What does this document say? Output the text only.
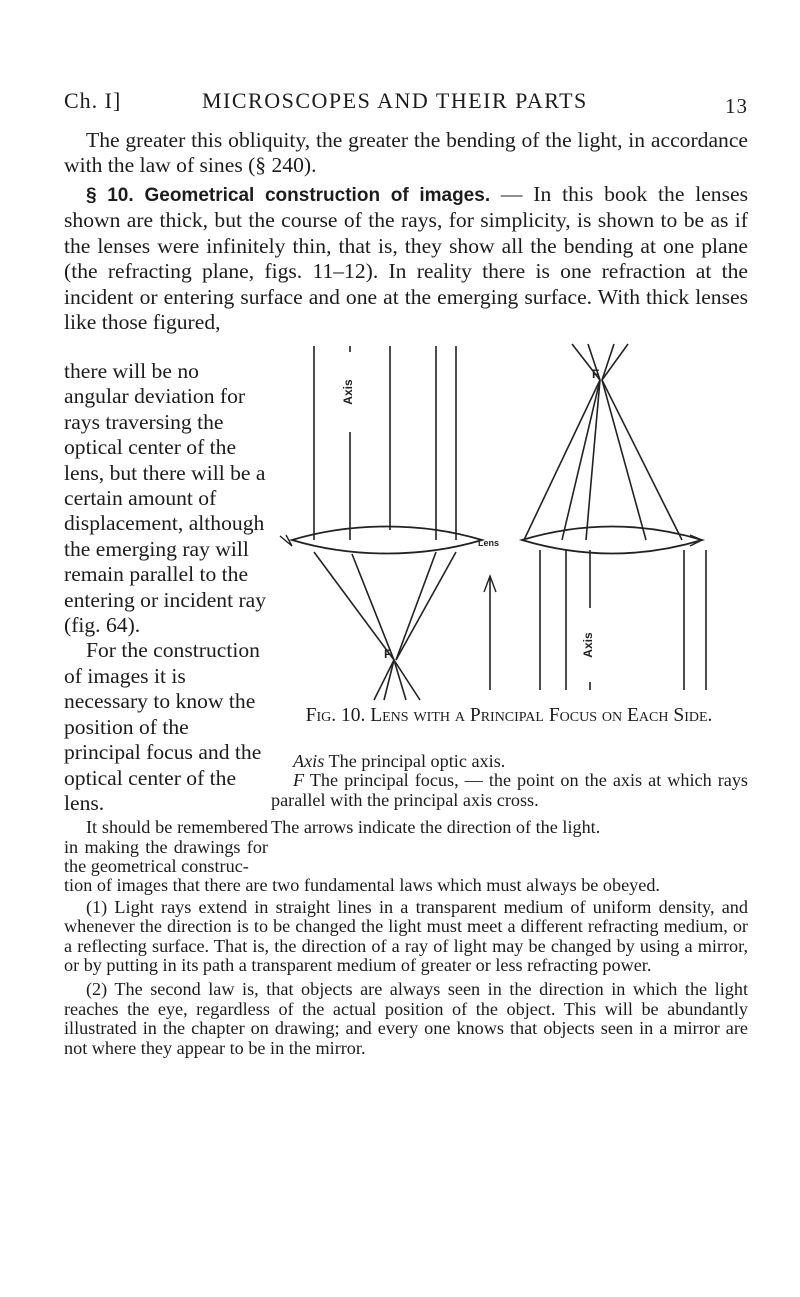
Ch. I]	MICROSCOPES AND THEIR PARTS	13

The greater this obliquity, the greater the bending of the light, in accordance with the law of sines (§ 240).

§ 10. Geometrical construction of images. — In this book the lenses shown are thick, but the course of the rays, for simplicity, is shown to be as if the lenses were infinitely thin, that is, they show all the bending at one plane (the refracting plane, figs. 11–12). In reality there is one refraction at the incident or entering surface and one at the emerging surface. With thick lenses like those figured,

there will be no angular deviation for rays traversing the optical center of the lens, but there will be a certain amount of displacement, although the emerging ray will remain parallel to the entering or incident ray (fig. 64).

For the construction of images it is necessary to know the position of the principal focus and the optical center of the lens.

Axis
F
Lens
F
Axis
Fig. 10. Lens with a Principal Focus on Each Side.

Axis The principal optic axis.

F The principal focus, — the point on the axis at which rays parallel with the principal axis cross.

The arrows indicate the direction of the light.

It should be remembered in making the drawings for the geometrical construc-

tion of images that there are two fundamental laws which must always be obeyed.

(1) Light rays extend in straight lines in a transparent medium of uniform density, and whenever the direction is to be changed the light must meet a different refracting medium, or a reflecting surface. That is, the direction of a ray of light may be changed by using a mirror, or by putting in its path a transparent medium of greater or less refracting power.

(2) The second law is, that objects are always seen in the direction in which the light reaches the eye, regardless of the actual position of the object. This will be abundantly illustrated in the chapter on drawing; and every one knows that objects seen in a mirror are not where they appear to be in the mirror.
